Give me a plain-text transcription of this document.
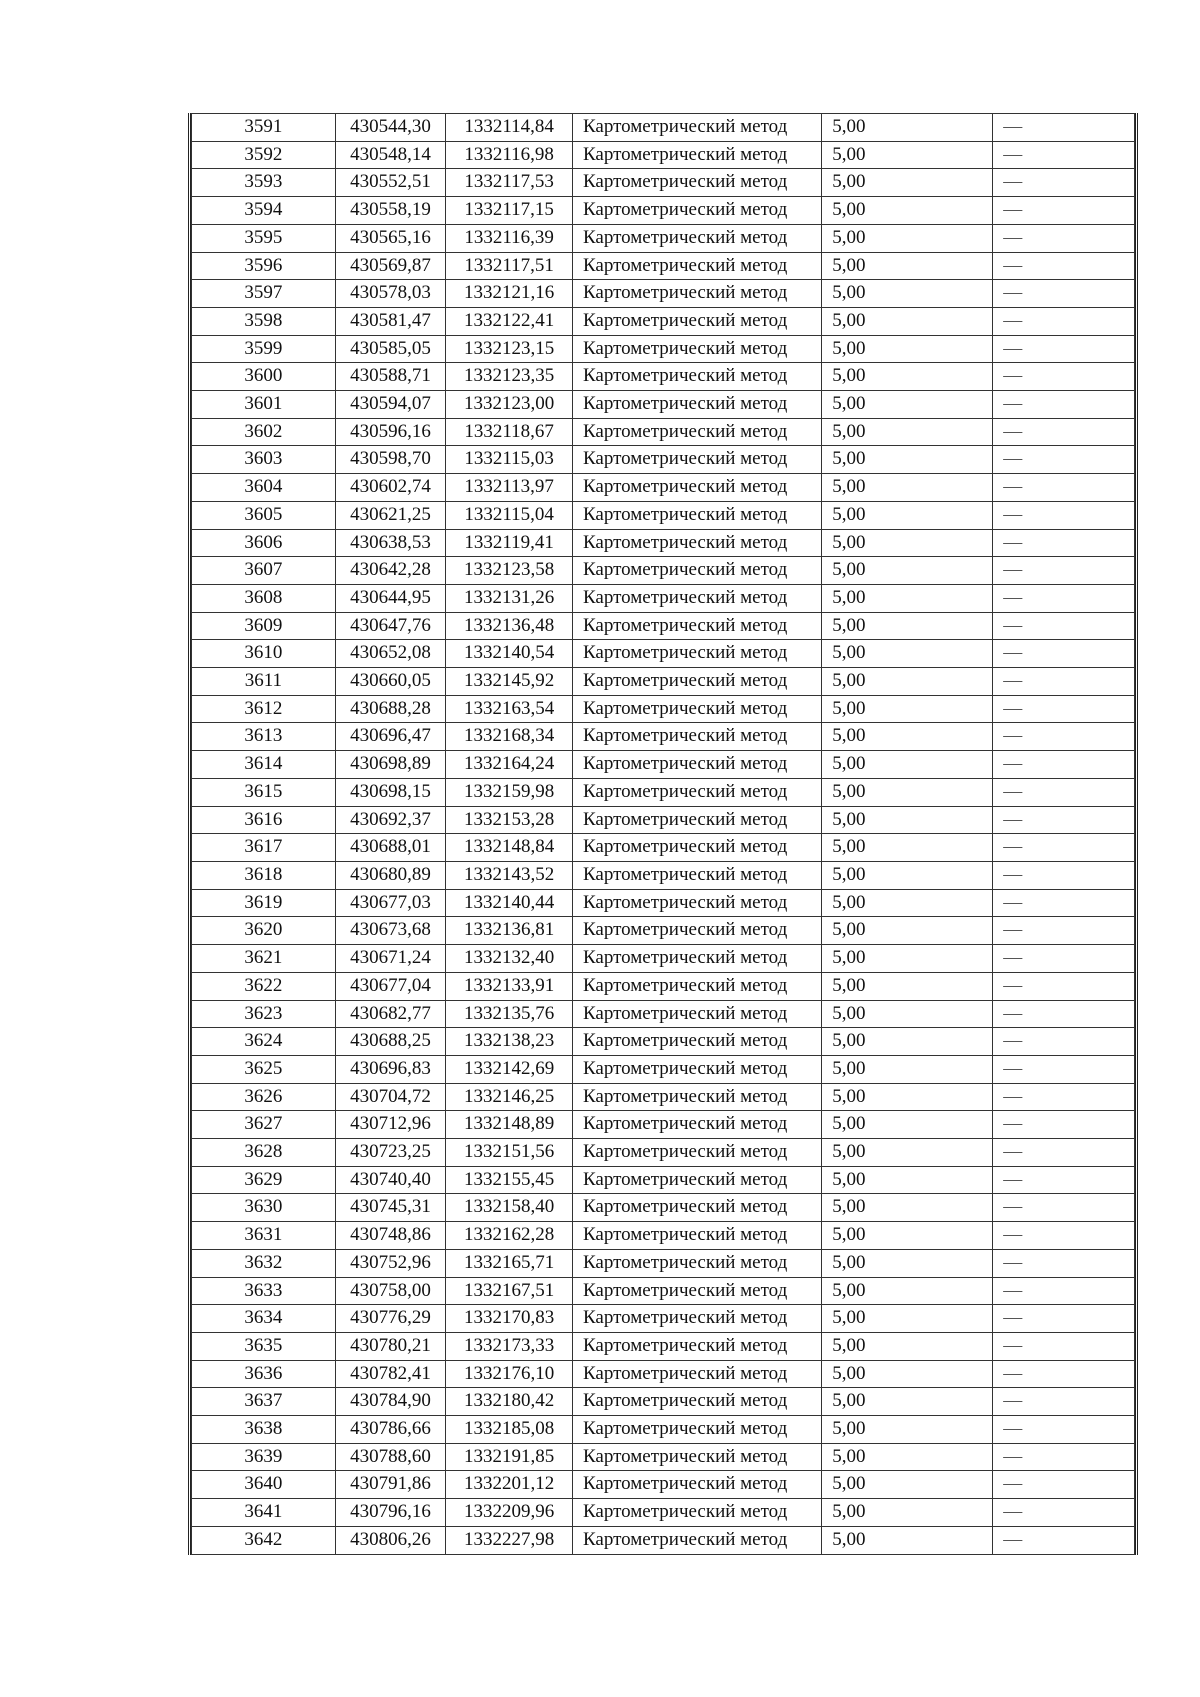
3591	430544,30	1332114,84	Картометрический метод	5,00	—
3592	430548,14	1332116,98	Картометрический метод	5,00	—
3593	430552,51	1332117,53	Картометрический метод	5,00	—
3594	430558,19	1332117,15	Картометрический метод	5,00	—
3595	430565,16	1332116,39	Картометрический метод	5,00	—
3596	430569,87	1332117,51	Картометрический метод	5,00	—
3597	430578,03	1332121,16	Картометрический метод	5,00	—
3598	430581,47	1332122,41	Картометрический метод	5,00	—
3599	430585,05	1332123,15	Картометрический метод	5,00	—
3600	430588,71	1332123,35	Картометрический метод	5,00	—
3601	430594,07	1332123,00	Картометрический метод	5,00	—
3602	430596,16	1332118,67	Картометрический метод	5,00	—
3603	430598,70	1332115,03	Картометрический метод	5,00	—
3604	430602,74	1332113,97	Картометрический метод	5,00	—
3605	430621,25	1332115,04	Картометрический метод	5,00	—
3606	430638,53	1332119,41	Картометрический метод	5,00	—
3607	430642,28	1332123,58	Картометрический метод	5,00	—
3608	430644,95	1332131,26	Картометрический метод	5,00	—
3609	430647,76	1332136,48	Картометрический метод	5,00	—
3610	430652,08	1332140,54	Картометрический метод	5,00	—
3611	430660,05	1332145,92	Картометрический метод	5,00	—
3612	430688,28	1332163,54	Картометрический метод	5,00	—
3613	430696,47	1332168,34	Картометрический метод	5,00	—
3614	430698,89	1332164,24	Картометрический метод	5,00	—
3615	430698,15	1332159,98	Картометрический метод	5,00	—
3616	430692,37	1332153,28	Картометрический метод	5,00	—
3617	430688,01	1332148,84	Картометрический метод	5,00	—
3618	430680,89	1332143,52	Картометрический метод	5,00	—
3619	430677,03	1332140,44	Картометрический метод	5,00	—
3620	430673,68	1332136,81	Картометрический метод	5,00	—
3621	430671,24	1332132,40	Картометрический метод	5,00	—
3622	430677,04	1332133,91	Картометрический метод	5,00	—
3623	430682,77	1332135,76	Картометрический метод	5,00	—
3624	430688,25	1332138,23	Картометрический метод	5,00	—
3625	430696,83	1332142,69	Картометрический метод	5,00	—
3626	430704,72	1332146,25	Картометрический метод	5,00	—
3627	430712,96	1332148,89	Картометрический метод	5,00	—
3628	430723,25	1332151,56	Картометрический метод	5,00	—
3629	430740,40	1332155,45	Картометрический метод	5,00	—
3630	430745,31	1332158,40	Картометрический метод	5,00	—
3631	430748,86	1332162,28	Картометрический метод	5,00	—
3632	430752,96	1332165,71	Картометрический метод	5,00	—
3633	430758,00	1332167,51	Картометрический метод	5,00	—
3634	430776,29	1332170,83	Картометрический метод	5,00	—
3635	430780,21	1332173,33	Картометрический метод	5,00	—
3636	430782,41	1332176,10	Картометрический метод	5,00	—
3637	430784,90	1332180,42	Картометрический метод	5,00	—
3638	430786,66	1332185,08	Картометрический метод	5,00	—
3639	430788,60	1332191,85	Картометрический метод	5,00	—
3640	430791,86	1332201,12	Картометрический метод	5,00	—
3641	430796,16	1332209,96	Картометрический метод	5,00	—
3642	430806,26	1332227,98	Картометрический метод	5,00	—
